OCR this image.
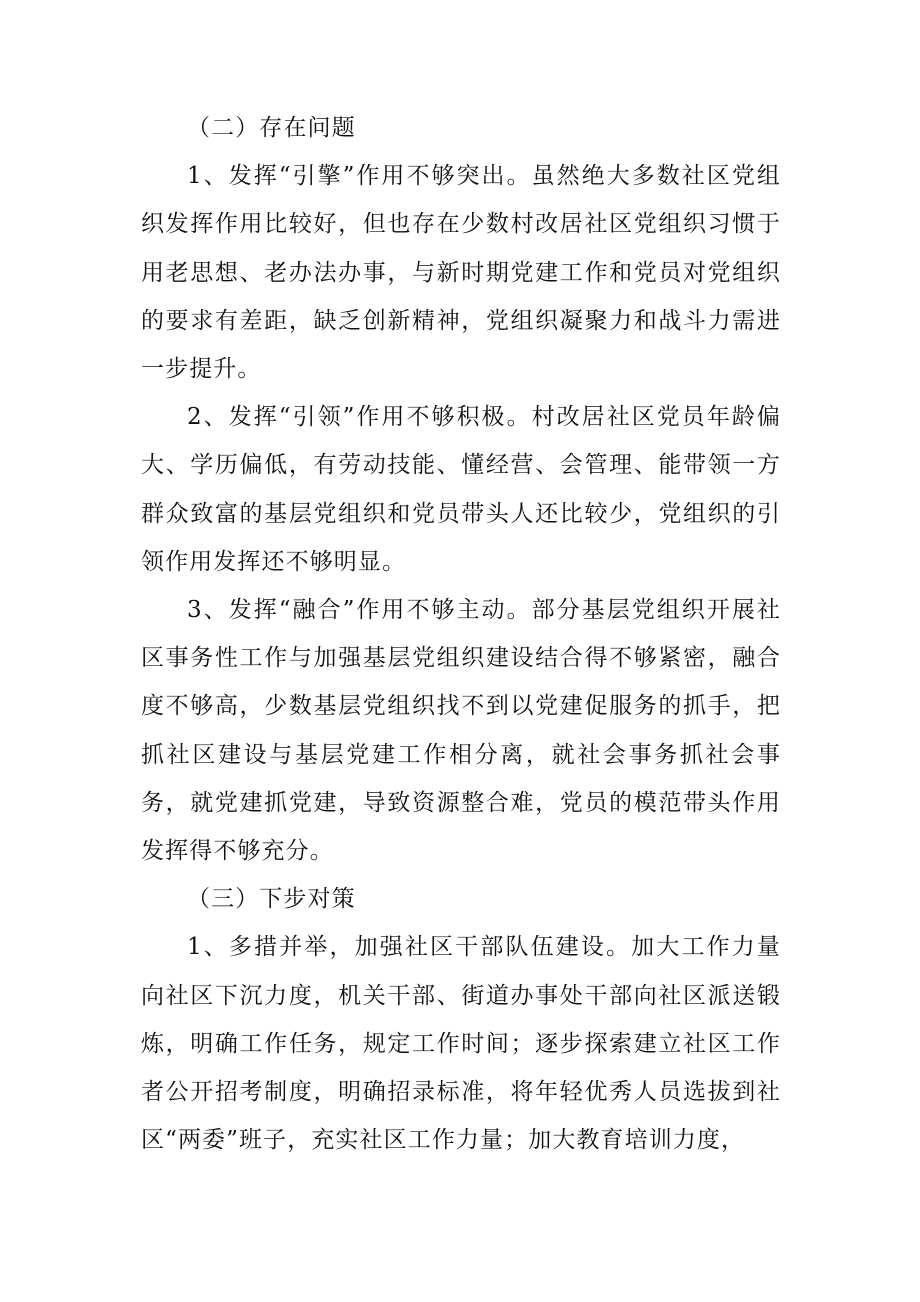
（二）存在问题

1、发挥“引擎”作用不够突出。虽然绝大多数社区党组织发挥作用比较好，但也存在少数村改居社区党组织习惯于用老思想、老办法办事，与新时期党建工作和党员对党组织的要求有差距，缺乏创新精神，党组织凝聚力和战斗力需进一步提升。

2、发挥“引领”作用不够积极。村改居社区党员年龄偏大、学历偏低，有劳动技能、懂经营、会管理、能带领一方群众致富的基层党组织和党员带头人还比较少，党组织的引领作用发挥还不够明显。

3、发挥“融合”作用不够主动。部分基层党组织开展社区事务性工作与加强基层党组织建设结合得不够紧密，融合度不够高，少数基层党组织找不到以党建促服务的抓手，把抓社区建设与基层党建工作相分离，就社会事务抓社会事务，就党建抓党建，导致资源整合难，党员的模范带头作用发挥得不够充分。

（三）下步对策

1、多措并举，加强社区干部队伍建设。加大工作力量向社区下沉力度，机关干部、街道办事处干部向社区派送锻炼，明确工作任务，规定工作时间；逐步探索建立社区工作者公开招考制度，明确招录标准，将年轻优秀人员选拔到社区“两委”班子，充实社区工作力量；加大教育培训力度，
